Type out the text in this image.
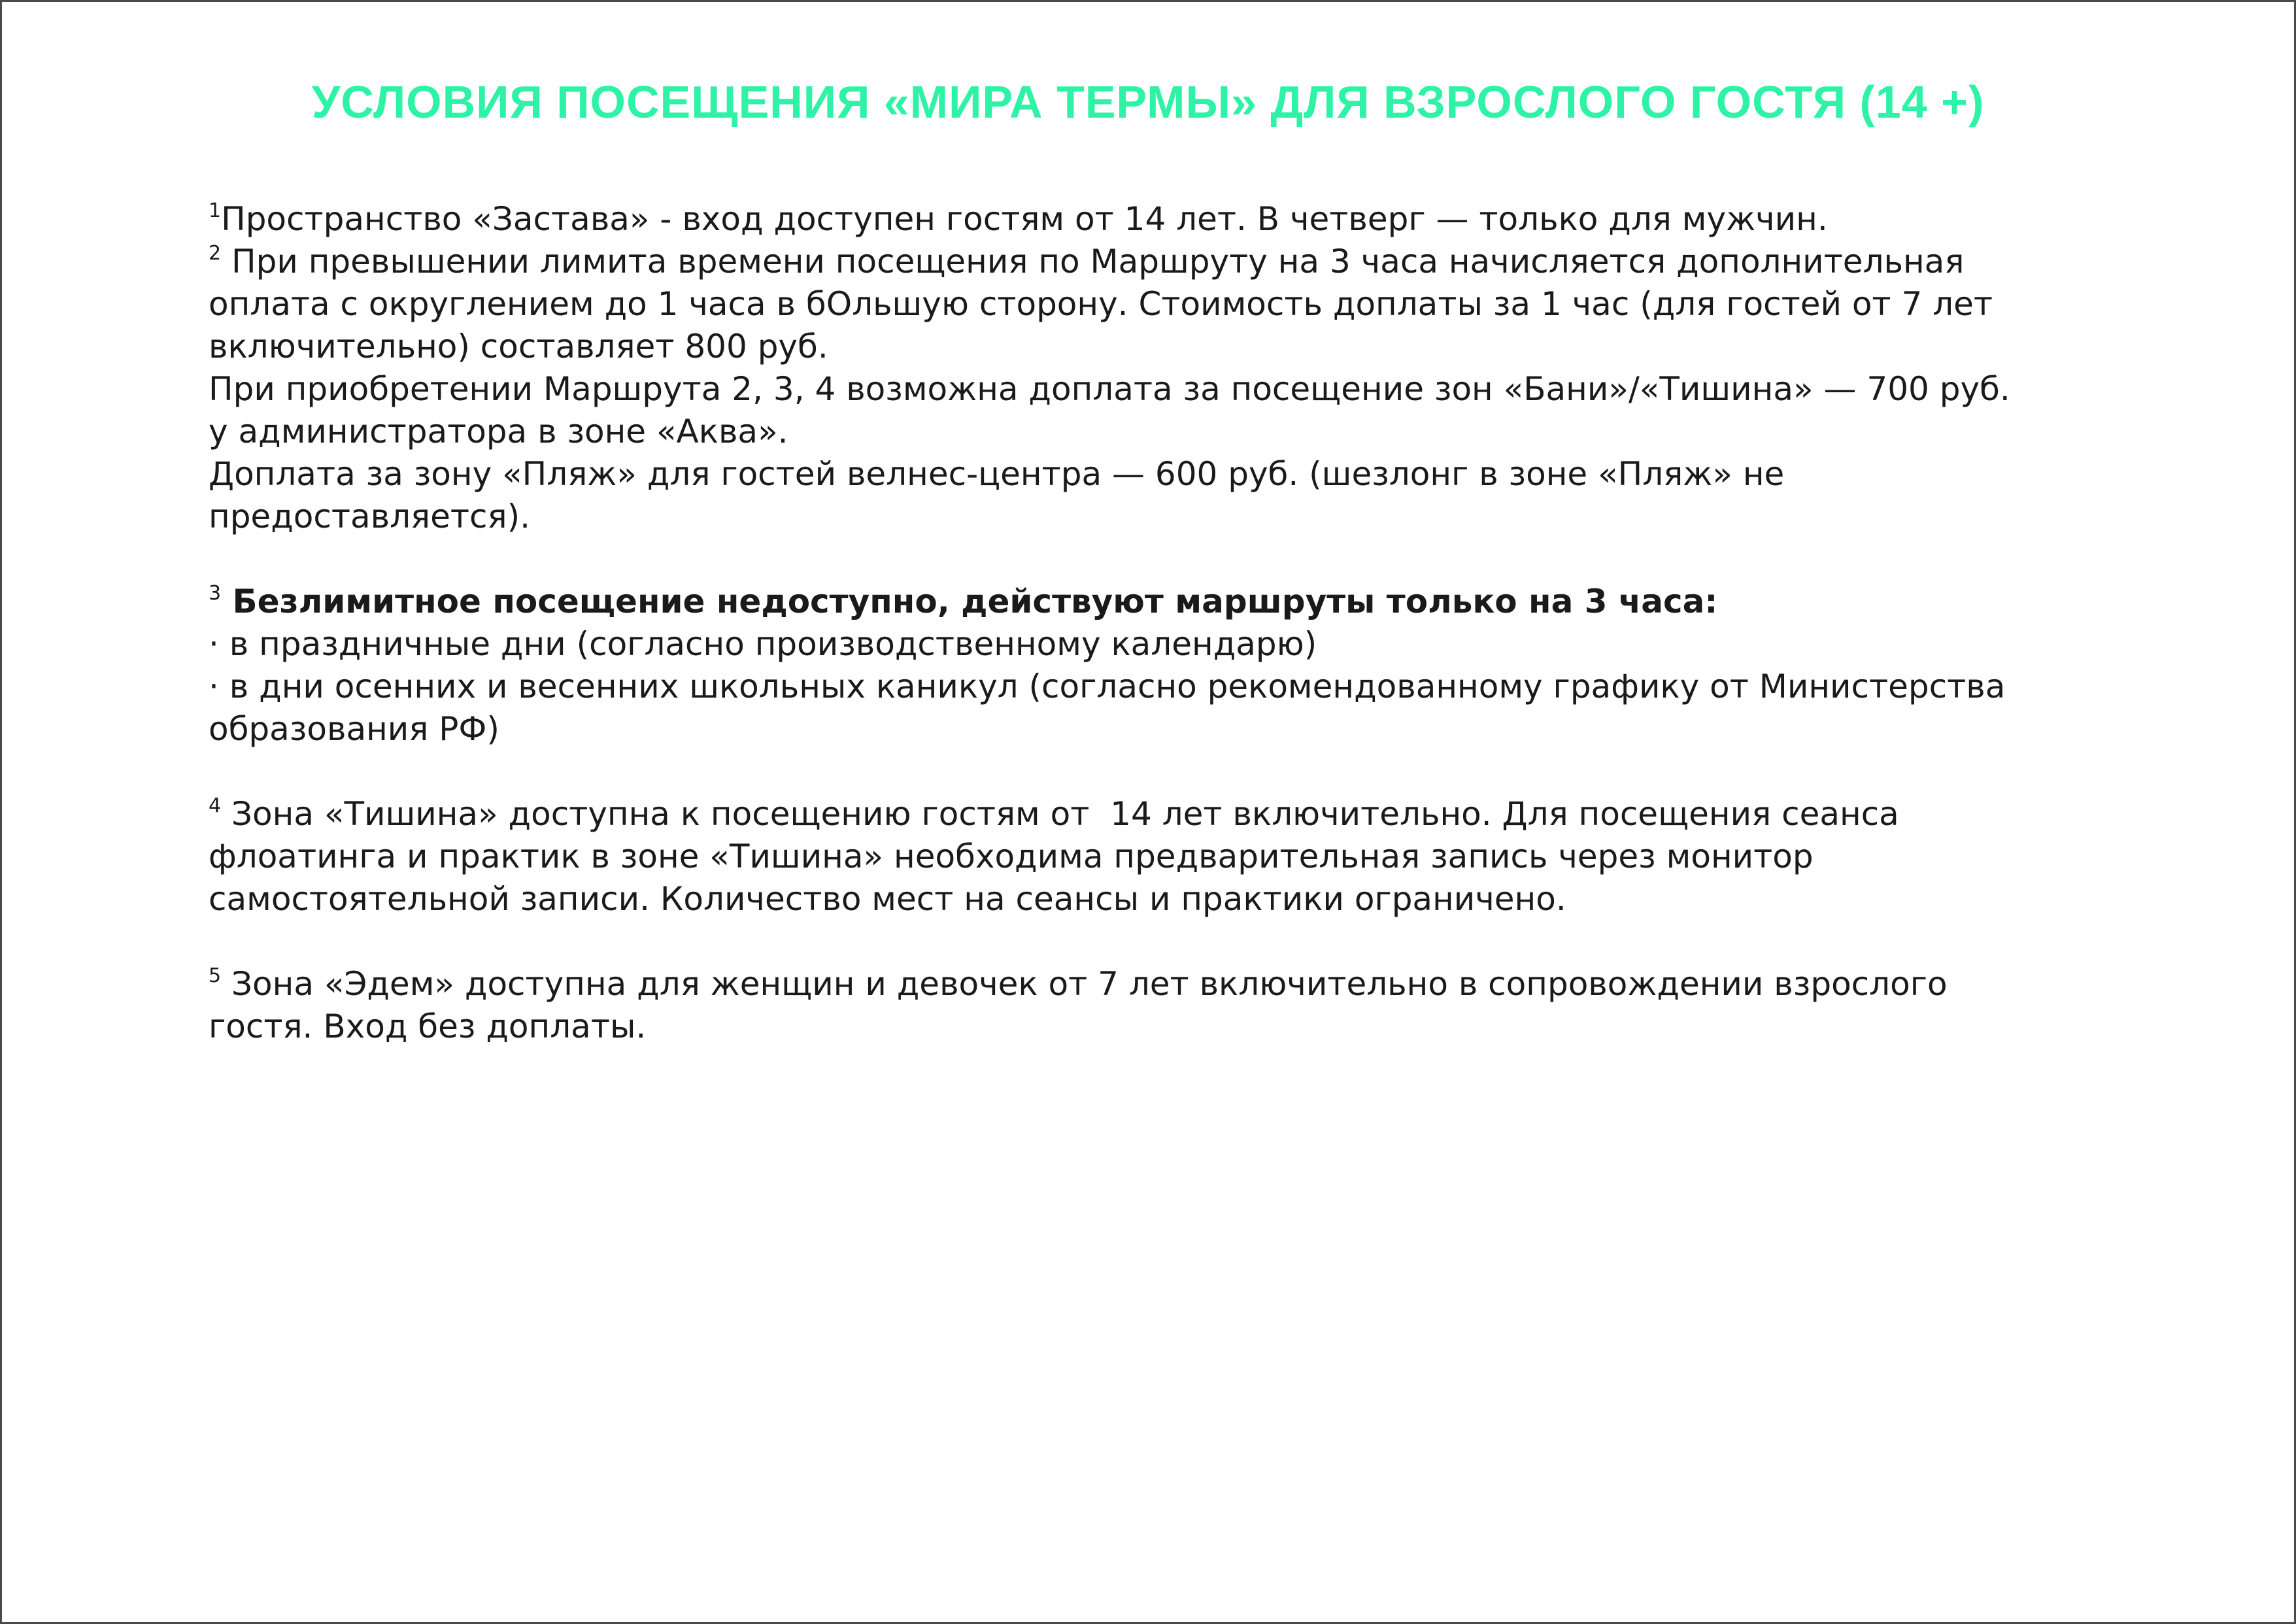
УСЛОВИЯ ПОСЕЩЕНИЯ «МИРА ТЕРМЫ» ДЛЯ ВЗРОСЛОГО ГОСТЯ (14 +)
$^1$Пространство «Застава» - вход доступен гостям от 14 лет. В четверг — только для мужчин.
$^2$ При превышении лимита времени посещения по Маршруту на 3 часа начисляется дополнительная
оплата с округлением до 1 часа в бОльшую сторону. Стоимость доплаты за 1 час (для гостей от 7 лет
включительно) составляет 800 руб.
При приобретении Маршрута 2, 3, 4 возможна доплата за посещение зон «Бани»/«Тишина» — 700 руб.
у администратора в зоне «Аква».
Доплата за зону «Пляж» для гостей велнес-центра — 600 руб. (шезлонг в зоне «Пляж» не
предоставляется).
$^3$ Безлимитное посещение недоступно, действуют маршруты только на 3 часа:
· в праздничные дни (согласно производственному календарю)
· в дни осенних и весенних школьных каникул (согласно рекомендованному графику от Министерства
образования РФ)
$^4$ Зона «Тишина» доступна к посещению гостям от  14 лет включительно. Для посещения сеанса
флоатинга и практик в зоне «Тишина» необходима предварительная запись через монитор
самостоятельной записи. Количество мест на сеансы и практики ограничено.
$^5$ Зона «Эдем» доступна для женщин и девочек от 7 лет включительно в сопровождении взрослого
гостя. Вход без доплаты.
